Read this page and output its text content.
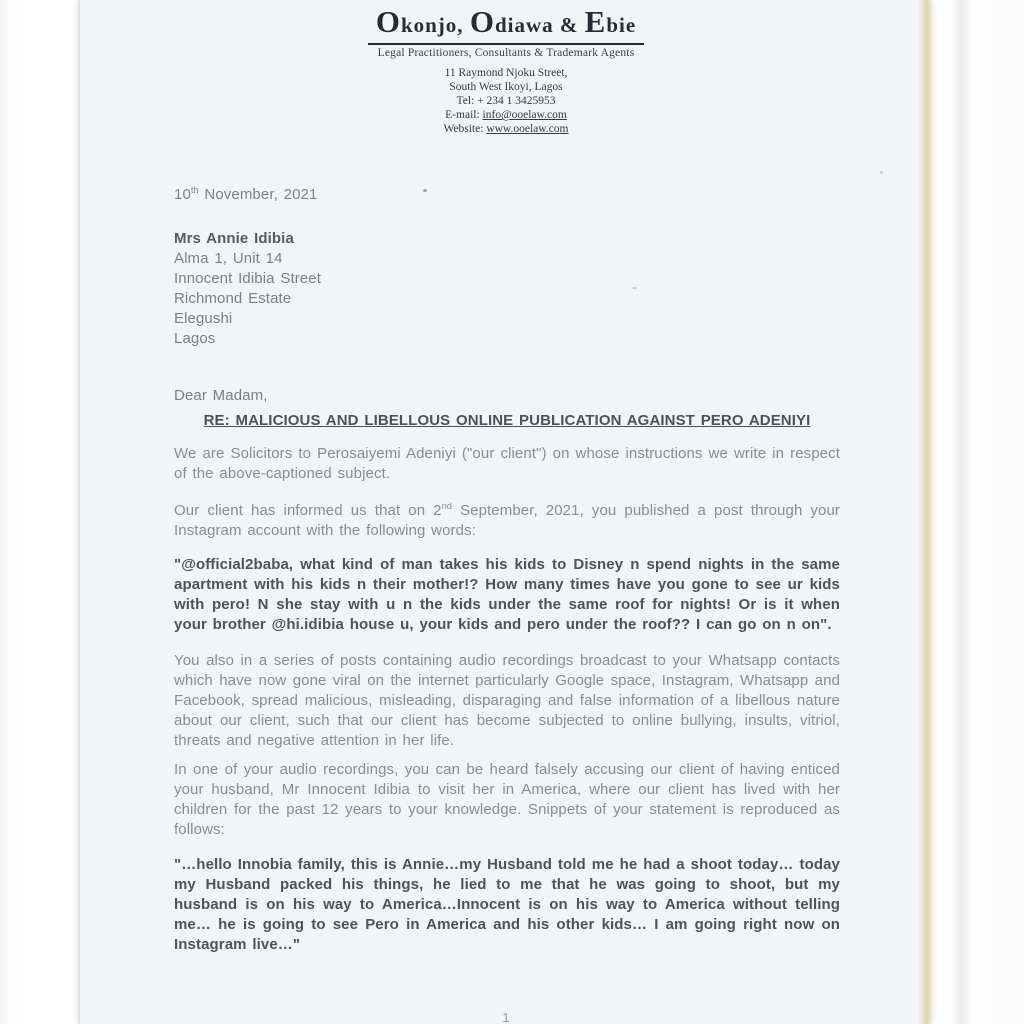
Okonjo, Odiawa & Ebie
Legal Practitioners, Consultants & Trademark Agents
11 Raymond Njoku Street,
South West Ikoyi, Lagos
Tel: + 234 1 3425953
E-mail: info@ooelaw.com
Website: www.ooelaw.com
10th November, 2021
Mrs Annie Idibia
Alma 1, Unit 14
Innocent Idibia Street
Richmond Estate
Elegushi
Lagos

Dear Madam,

RE: MALICIOUS AND LIBELLOUS ONLINE PUBLICATION AGAINST PERO ADENIYI

We are Solicitors to Perosaiyemi Adeniyi ("our client") on whose instructions we write in respect of the above-captioned subject.

Our client has informed us that on 2nd September, 2021, you published a post through your Instagram account with the following words:

"@official2baba, what kind of man takes his kids to Disney n spend nights in the same apartment with his kids n their mother!? How many times have you gone to see ur kids with pero! N she stay with u n the kids under the same roof for nights! Or is it when your brother @hi.idibia house u, your kids and pero under the roof?? I can go on n on".

You also in a series of posts containing audio recordings broadcast to your Whatsapp contacts which have now gone viral on the internet particularly Google space, Instagram, Whatsapp and Facebook, spread malicious, misleading, disparaging and false information of a libellous nature about our client, such that our client has become subjected to online bullying, insults, vitriol, threats and negative attention in her life.

In one of your audio recordings, you can be heard falsely accusing our client of having enticed your husband, Mr Innocent Idibia to visit her in America, where our client has lived with her children for the past 12 years to your knowledge. Snippets of your statement is reproduced as follows:

"…hello Innobia family, this is Annie…my Husband told me he had a shoot today… today my Husband packed his things, he lied to me that he was going to shoot, but my husband is on his way to America…Innocent is on his way to America without telling me… he is going to see Pero in America and his other kids… I am going right now on Instagram live…"

1
